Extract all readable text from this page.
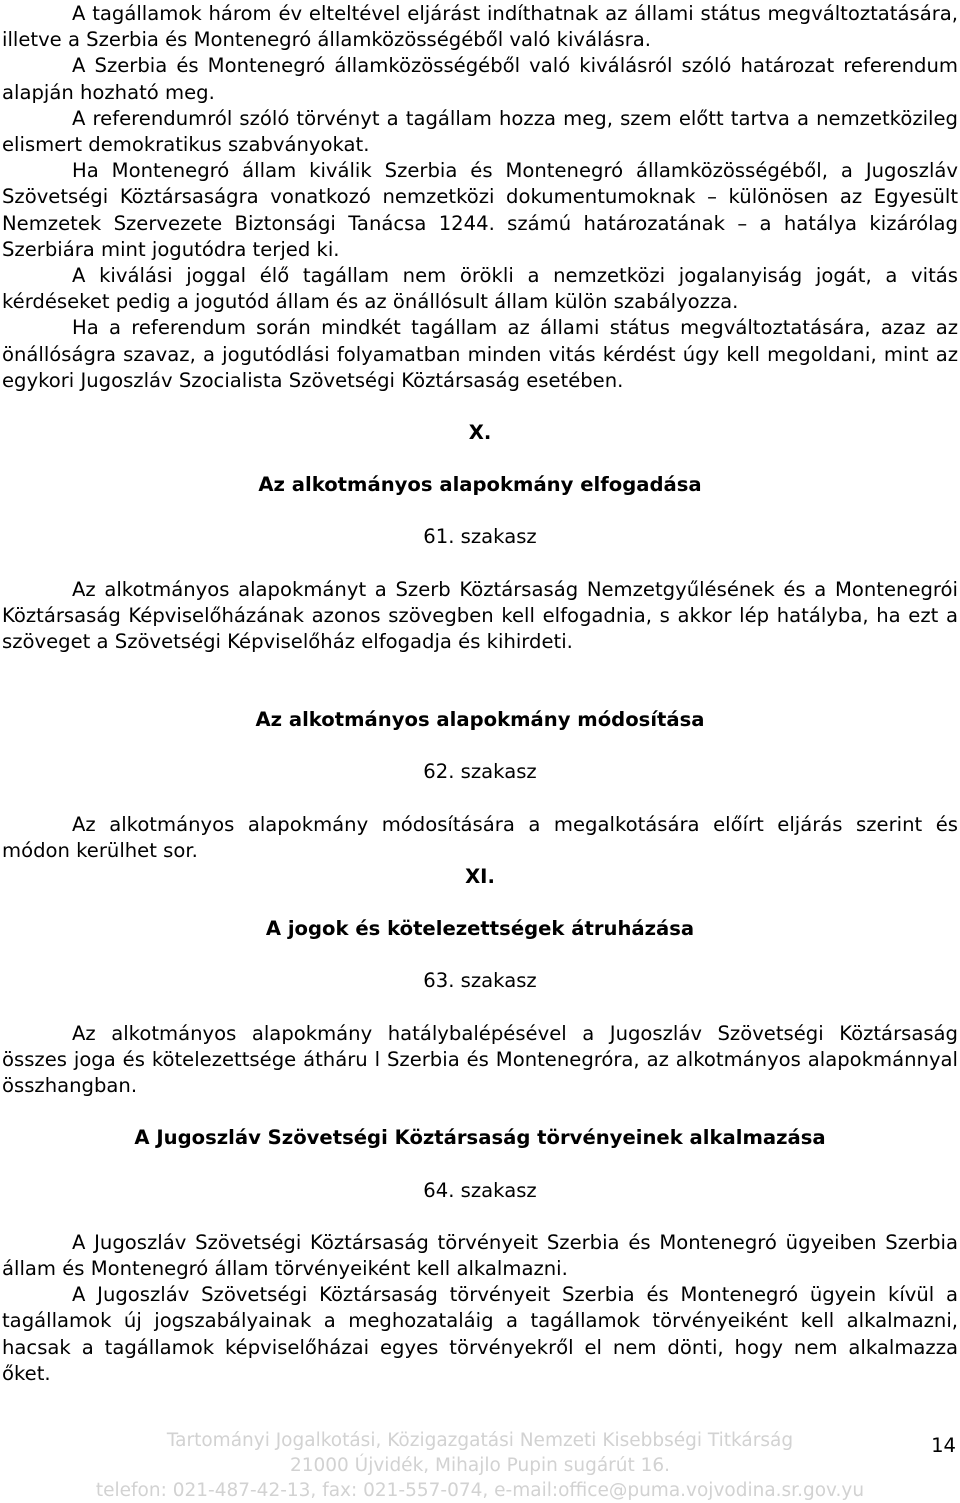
A tagállamok három év elteltével eljárást indíthatnak az állami státus megváltoztatására, illetve a Szerbia és Montenegró államközösségéből való kiválásra.

A Szerbia és Montenegró államközösségéből való kiválásról szóló határozat referendum alapján hozható meg.

A referendumról szóló törvényt a tagállam hozza meg, szem előtt tartva a nemzetközileg elismert demokratikus szabványokat.

Ha Montenegró állam kiválik Szerbia és Montenegró államközösségéből, a Jugoszláv Szövetségi Köztársaságra vonatkozó nemzetközi dokumentumoknak – különösen az Egyesült Nemzetek Szervezete Biztonsági Tanácsa 1244. számú határozatának – a hatálya kizárólag Szerbiára mint jogutódra terjed ki.

A kiválási joggal élő tagállam nem örökli a nemzetközi jogalanyiság jogát, a vitás kérdéseket pedig a jogutód állam és az önállósult állam külön szabályozza.

Ha a referendum során mindkét tagállam az állami státus megváltoztatására, azaz az önállóságra szavaz, a jogutódlási folyamatban minden vitás kérdést úgy kell megoldani, mint az egykori Jugoszláv Szocialista Szövetségi Köztársaság esetében.

X.

Az alkotmányos alapokmány elfogadása

61. szakasz

Az alkotmányos alapokmányt a Szerb Köztársaság Nemzetgyűlésének és a Montenegrói Köztársaság Képviselőházának azonos szövegben kell elfogadnia, s akkor lép hatályba, ha ezt a szöveget a Szövetségi Képviselőház elfogadja és kihirdeti.

Az alkotmányos alapokmány módosítása

62. szakasz

Az alkotmányos alapokmány módosítására a megalkotására előírt eljárás szerint és módon kerülhet sor.

XI.

A jogok és kötelezettségek átruházása

63. szakasz

Az alkotmányos alapokmány hatálybalépésével a Jugoszláv Szövetségi Köztársaság összes joga és kötelezettsége átháru l Szerbia és Montenegróra, az alkotmányos alapokmánnyal összhangban.

A Jugoszláv Szövetségi Köztársaság törvényeinek alkalmazása

64. szakasz

A Jugoszláv Szövetségi Köztársaság törvényeit Szerbia és Montenegró ügyeiben Szerbia állam és Montenegró állam törvényeiként kell alkalmazni.

A Jugoszláv Szövetségi Köztársaság törvényeit Szerbia és Montenegró ügyein kívül a tagállamok új jogszabályainak a meghozataláig a tagállamok törvényeiként kell alkalmazni, hacsak a tagállamok képviselőházai egyes törvényekről el nem dönti, hogy nem alkalmazza őket.

Tartományi Jogalkotási, Közigazgatási Nemzeti Kisebbségi Titkárság

21000 Újvidék, Mihajlo Pupin sugárút 16.

telefon: 021-487-42-13, fax: 021-557-074, e-mail:office@puma.vojvodina.sr.gov.yu

14
